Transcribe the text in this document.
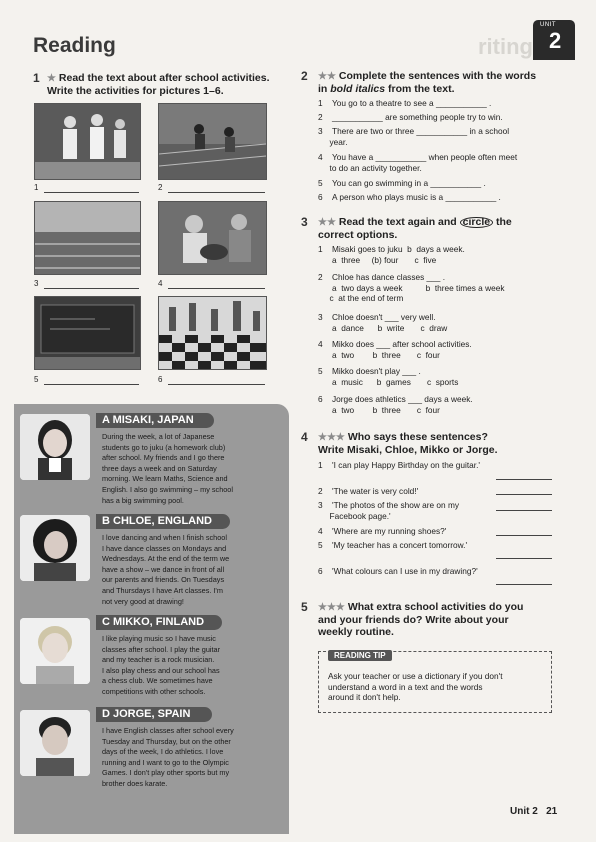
Reading	riting
UNIT
2
1 ★ Read the text about after school activities.
Write the activities for pictures 1–6.
1	2
3	4
5	6
A MISAKI, JAPAN
During the week, a lot of Japanese
students go to juku (a homework club)
after school. My friends and I go there
three days a week and on Saturday
morning. We learn Maths, Science and
English. I also go swimming – my school
has a big swimming pool.
B CHLOE, ENGLAND
I love dancing and when I finish school
I have dance classes on Mondays and
Wednesdays. At the end of the term we
have a show – we dance in front of all
our parents and friends. On Tuesdays
and Thursdays I have Art classes. I'm
not very good at drawing!
C MIKKO, FINLAND
I like playing music so I have music
classes after school. I play the guitar
and my teacher is a rock musician.
I also play chess and our school has
a chess club. We sometimes have
competitions with other schools.
D JORGE, SPAIN
I have English classes after school every
Tuesday and Thursday, but on the other
days of the week, I do athletics. I love
running and I want to go to the Olympic
Games. I don't play other sports but my
brother does karate.
2 ★★ Complete the sentences with the words
in bold italics from the text.
1 You go to a theatre to see a ___________ .
2 ___________ are something people try to win.
3 There are two or three ___________ in a school
year.
4 You have a ___________ when people often meet
to do an activity together.
5 You can go swimming in a ___________ .
6 A person who plays music is a ___________ .
3 ★★ Read the text again and circle the
correct options.
1 Misaki goes to juku  b  days a week.
a  three     (b) four       c  five
2 Chloe has dance classes ___ .
a  two days a week          b  three times a week
c  at the end of term
3 Chloe doesn't ___ very well.
a  dance      b  write       c  draw
4 Mikko does ___ after school activities.
a  two        b  three       c  four
5 Mikko doesn't play ___ .
a  music      b  games       c  sports
6 Jorge does athletics ___ days a week.
a  two        b  three       c  four
4 ★★★ Who says these sentences?
Write Misaki, Chloe, Mikko or Jorge.
1 'I can play Happy Birthday on the guitar.'
2 'The water is very cold!'
3 'The photos of the show are on my
Facebook page.'
4 'Where are my running shoes?'
5 'My teacher has a concert tomorrow.'
6 'What colours can I use in my drawing?'
5 ★★★ What extra school activities do you
and your friends do? Write about your
weekly routine.
READING TIP
Ask your teacher or use a dictionary if you don't
understand a word in a text and the words
around it don't help.
Unit 2 21
